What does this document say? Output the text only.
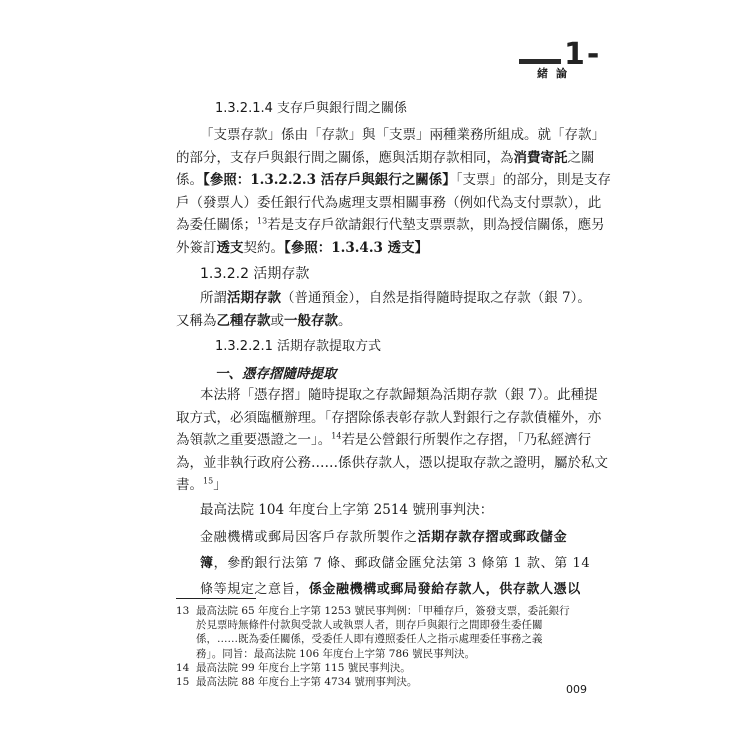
1-
緒論
1.3.2.1.4 支存戶與銀行間之關係
「支票存款」係由「存款」與「支票」兩種業務所組成。就「存款」
的部分，支存戶與銀行間之關係，應與活期存款相同，為消費寄託之關
係。【參照：1.3.2.2.3 活存戶與銀行之關係】「支票」的部分，則是支存
戶（發票人）委任銀行代為處理支票相關事務（例如代為支付票款），此
為委任關係；$^{13}$若是支存戶欲請銀行代墊支票票款，則為授信關係，應另
外簽訂透支契約。【參照：1.3.4.3 透支】
1.3.2.2 活期存款
所謂活期存款（普通預金），自然是指得隨時提取之存款（銀 7）。
又稱為乙種存款或一般存款。
1.3.2.2.1 活期存款提取方式
一、憑存摺隨時提取
本法將「憑存摺」隨時提取之存款歸類為活期存款（銀 7）。此種提
取方式，必須臨櫃辦理。「存摺除係表彰存款人對銀行之存款債權外，亦
為領款之重要憑證之一」。$^{14}$若是公營銀行所製作之存摺，「乃私經濟行
為，並非執行政府公務……係供存款人，憑以提取存款之證明，屬於私文
書。$^{15}$」
最高法院 104 年度台上字第 2514 號刑事判決：
金融機構或郵局因客戶存款所製作之活期存款存摺或郵政儲金
簿，參酌銀行法第 7 條、郵政儲金匯兌法第 3 條第 1 款、第 14
條等規定之意旨，係金融機構或郵局發給存款人，供存款人憑以
13 最高法院 65 年度台上字第 1253 號民事判例：「甲種存戶，簽發支票，委託銀行
於見票時無條件付款與受款人或執票人者，則存戶與銀行之間即發生委任關
係，……既為委任關係，受委任人即有遵照委任人之指示處理委任事務之義
務」。同旨：最高法院 106 年度台上字第 786 號民事判決。
14 最高法院 99 年度台上字第 115 號民事判決。
15 最高法院 88 年度台上字第 4734 號刑事判決。
009
